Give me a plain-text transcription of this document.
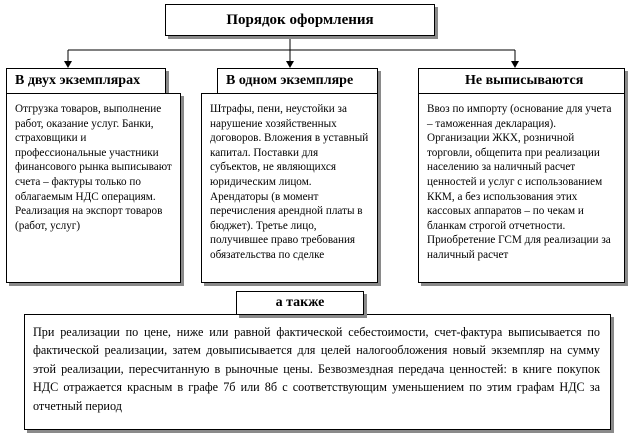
Порядок оформления
В двух экземплярах	В одном экземпляре	Не выписываются
Отгрузка товаров, выполнение работ, оказание услуг. Банки, страховщики и профессиональные участники финансового рынка выписывают счета – фактуры только по облагаемым НДС операциям. Реализация на экспорт товаров (работ, услуг)
Штрафы, пени, неустойки за нарушение хозяйственных договоров. Вложения в уставный капитал. Поставки для субъектов, не являющихся юридическим лицом. Арендаторы (в момент перечисления арендной платы в бюджет). Третье лицо, получившее право требования обязательства по сделке
Ввоз по импорту (основание для учета – таможенная декларация). Организации ЖКХ, розничной торговли, общепита при реализации населению за наличный расчет ценностей и услуг с использованием ККМ, а без использования этих кассовых аппаратов – по чекам и бланкам строгой отчетности. Приобретение ГСМ для реализации за наличный расчет
При реализации по цене, ниже или равной фактической себестоимости, счет-фактура выписывается по фактической реализации, затем довыписывается для целей налогообложения новый экземпляр на сумму этой реализации, пересчитанную в рыночные цены. Безвозмездная передача ценностей: в книге покупок НДС отражается красным в графе 7б или 8б с соответствующим уменьшением по этим графам НДС за отчетный период
а также
